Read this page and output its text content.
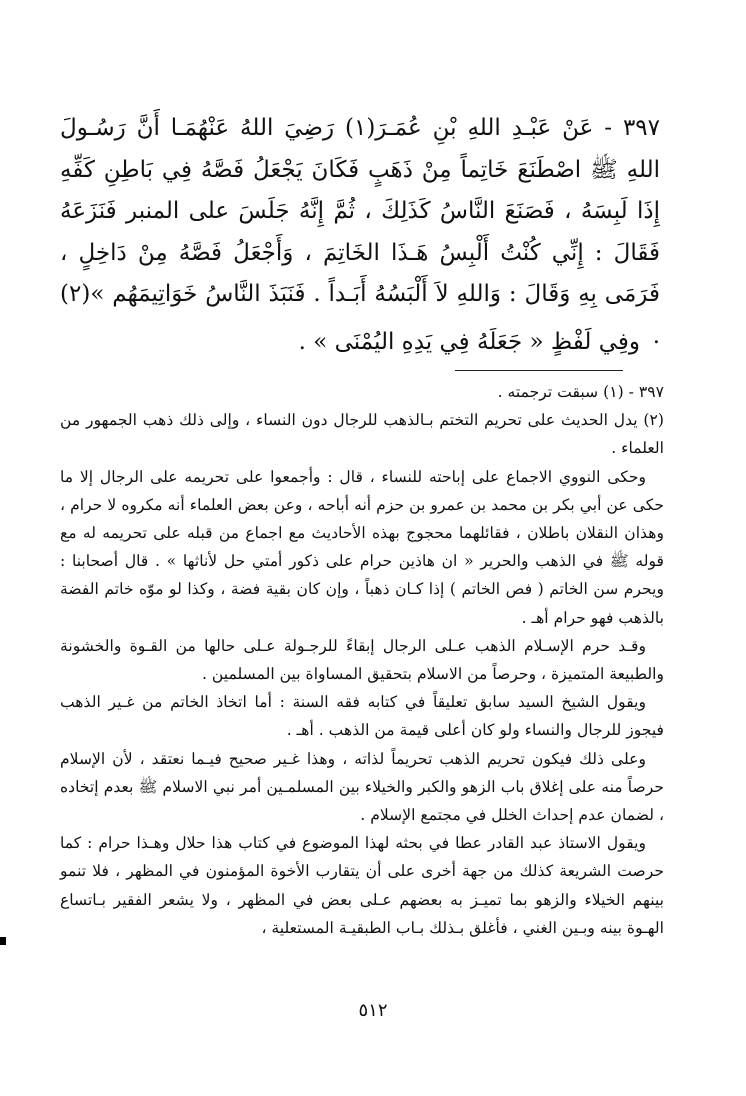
٣٩٧ - عَنْ عَبْـدِ اللهِ بْنِ عُمَـرَ(١) رَضِيَ اللهُ عَنْهُمَـا أَنَّ رَسُـولَ اللهِ ﷺ اصْطَنَعَ خَاتِماً مِنْ ذَهَبٍ فَكَانَ يَجْعَلُ فَصَّهُ فِي بَاطِنِ كَفِّهِ إِذَا لَبِسَهُ ، فَصَنَعَ النَّاسُ كَذَلِكَ ، ثُمَّ إِنَّهُ جَلَسَ على المنبر فَنَزَعَهُ فَقَالَ : إِنِّي كُنْتُ أَلْبِسُ هَـذَا الخَاتِمَ ، وَأَجْعَلُ فَصَّهُ مِنْ دَاخِلٍ ، فَرَمَى بِهِ وَقَالَ : وَاللهِ لاَ أَلْبَسُهُ أَبَـداً . فَنَبَذَ النَّاسُ خَوَاتِيمَهُم »(٢) .

وفِي لَفْظٍ « جَعَلَهُ فِي يَدِهِ اليُمْنَى » .

٣٩٧ - (١) سبقت ترجمته .

(٢) يدل الحديث على تحريم التختم بـالذهب للرجال دون النساء ، وإلى ذلك ذهب الجمهور من العلماء .

وحكى النووي الاجماع على إباحته للنساء ، قال : وأجمعوا على تحريمه على الرجال إلا ما حكى عن أبي بكر بن محمد بن عمرو بن حزم أنه أباحه ، وعن بعض العلماء أنه مكروه لا حرام ، وهذان النقلان باطلان ، فقائلهما محجوج بهذه الأحاديث مع اجماع من قبله على تحريمه له مع قوله ﷺ في الذهب والحرير « ان هاذين حرام على ذكور أمتي حل لأناثها » . قال أصحابنا : ويحرم سن الخاتم ( فص الخاتم ) إذا كـان ذهباً ، وإن كان بقية فضة ، وكذا لو موّه خاتم الفضة بالذهب فهو حرام أهـ .

وقـد حرم الإسـلام الذهب عـلى الرجال إبقاءً للرجـولة عـلى حالها من القـوة والخشونة والطبيعة المتميزة ، وحرصاً من الاسلام بتحقيق المساواة بين المسلمين .

ويقول الشيخ السيد سابق تعليقاً في كتابه فقه السنة : أما اتخاذ الخاتم من غـير الذهب فيجوز للرجال والنساء ولو كان أعلى قيمة من الذهب . أهـ .

وعلى ذلك فيكون تحريم الذهب تحريماً لذاته ، وهذا غـير صحيح فيـما نعتقد ، لأن الإسلام حرصاً منه على إغلاق باب الزهو والكبر والخيلاء بين المسلمـين أمر نبي الاسلام ﷺ بعدم إتخاده ، لضمان عدم إحداث الخلل في مجتمع الإسلام .

ويقول الاستاذ عبد القادر عطا في بحثه لهذا الموضوع في كتاب هذا حلال وهـذا حرام : كما حرصت الشريعة كذلك من جهة أخرى على أن يتقارب الأخوة المؤمنون في المظهر ، فلا تنمو بينهم الخيلاء والزهو بما تميـز به بعضهم عـلى بعض في المظهر ، ولا يشعر الفقير بـاتساع الهـوة بينه وبـين الغني ، فأغلق بـذلك بـاب الطبقيـة المستعلية ،

٥١٢
